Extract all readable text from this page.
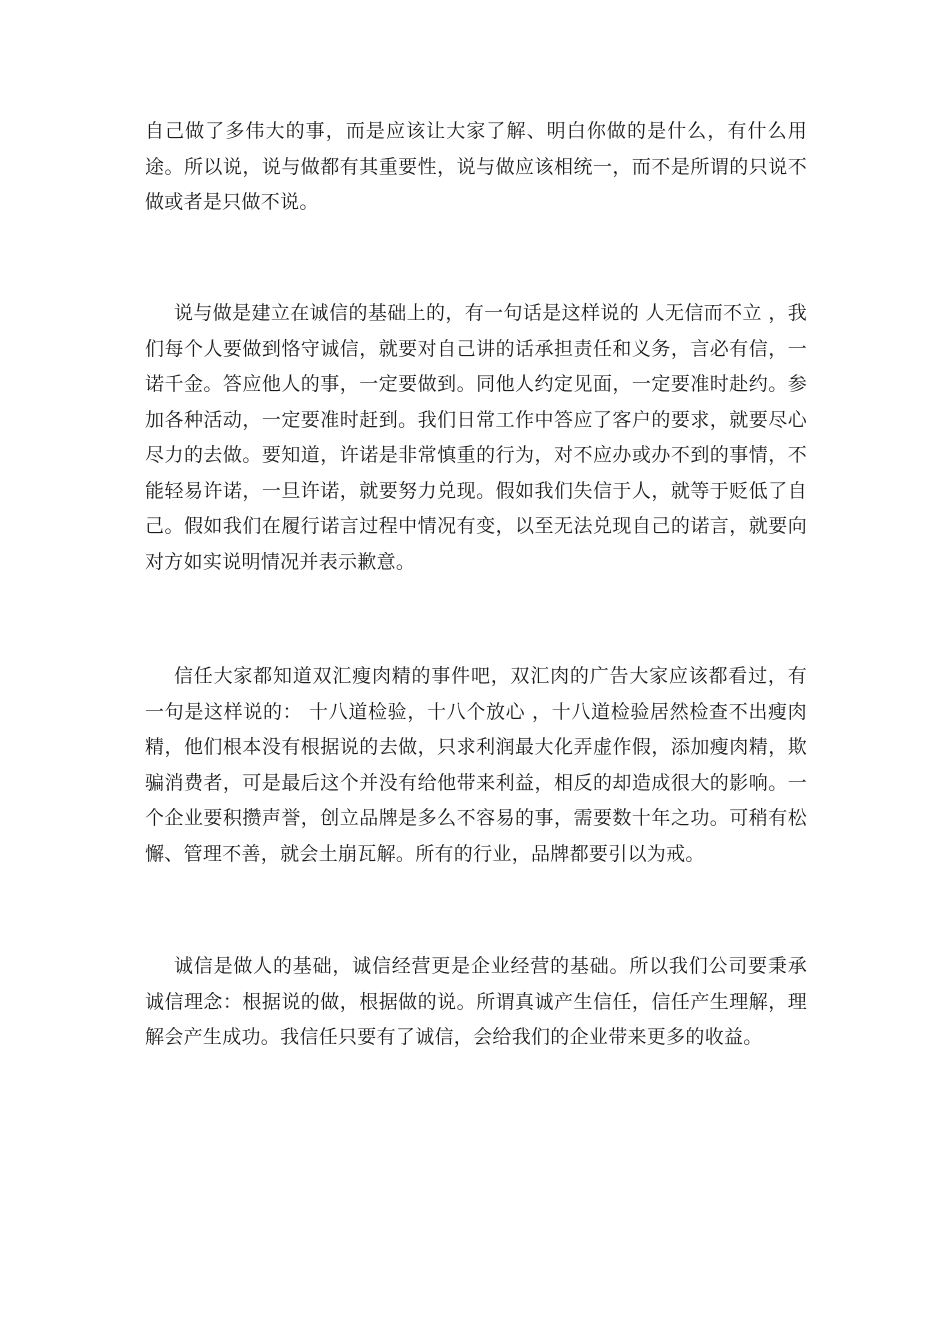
自己做了多伟大的事，而是应该让大家了解、明白你做的是什么，有什么用途。所以说，说与做都有其重要性，说与做应该相统一，而不是所谓的只说不做或者是只做不说。

说与做是建立在诚信的基础上的，有一句话是这样说的 人无信而不立 ，我们每个人要做到恪守诚信，就要对自己讲的话承担责任和义务，言必有信，一诺千金。答应他人的事，一定要做到。同他人约定见面，一定要准时赴约。参加各种活动，一定要准时赶到。我们日常工作中答应了客户的要求，就要尽心尽力的去做。要知道，许诺是非常慎重的行为，对不应办或办不到的事情，不能轻易许诺，一旦许诺，就要努力兑现。假如我们失信于人，就等于贬低了自己。假如我们在履行诺言过程中情况有变，以至无法兑现自己的诺言，就要向对方如实说明情况并表示歉意。

信任大家都知道双汇瘦肉精的事件吧，双汇肉的广告大家应该都看过，有一句是这样说的： 十八道检验，十八个放心 ，十八道检验居然检查不出瘦肉精，他们根本没有根据说的去做，只求利润最大化弄虚作假，添加瘦肉精，欺骗消费者，可是最后这个并没有给他带来利益，相反的却造成很大的影响。一个企业要积攒声誉，创立品牌是多么不容易的事，需要数十年之功。可稍有松懈、管理不善，就会土崩瓦解。所有的行业，品牌都要引以为戒。

诚信是做人的基础，诚信经营更是企业经营的基础。所以我们公司要秉承诚信理念：根据说的做，根据做的说。所谓真诚产生信任，信任产生理解，理解会产生成功。我信任只要有了诚信，会给我们的企业带来更多的收益。
